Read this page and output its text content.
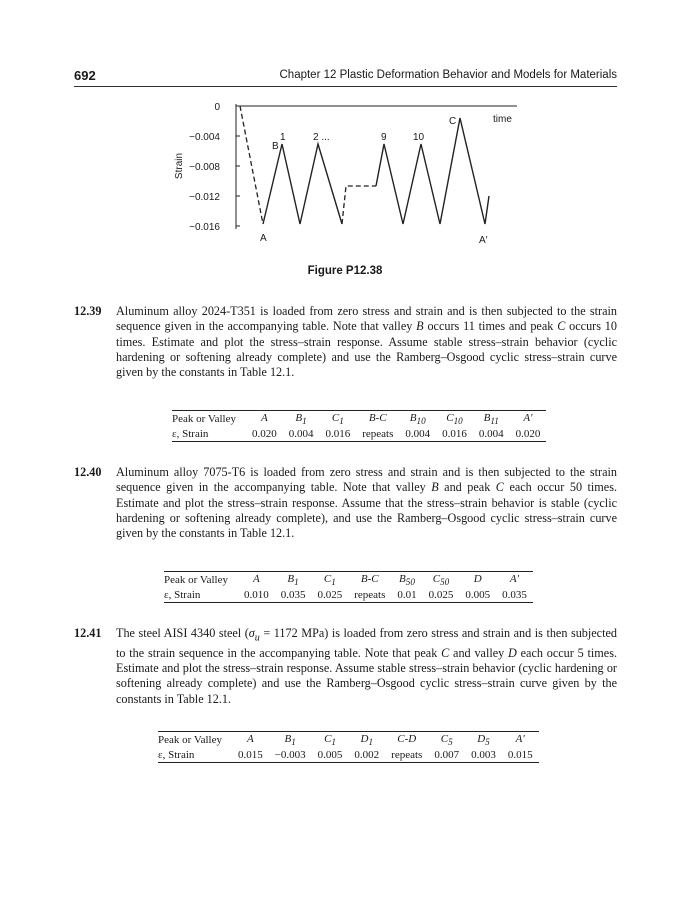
692	Chapter 12 Plastic Deformation Behavior and Models for Materials
0
−0.004
−0.008
−0.012
−0.016
Strain
time
A
B
1	2 ...	9	10
C
A′
Figure P12.38
12.39 Aluminum alloy 2024-T351 is loaded from zero stress and strain and is then subjected to the strain sequence given in the accompanying table. Note that valley B occurs 11 times and peak C occurs 10 times. Estimate and plot the stress–strain response. Assume stable stress–strain behavior (cyclic hardening or softening already complete) and use the Ramberg–Osgood cyclic stress–strain curve given by the constants in Table 12.1.
Peak or Valley	A	$B_1$	$C_1$	B-C	$B_{10}$	$C_{10}$	$B_{11}$	A′
ε, Strain	0.020	0.004	0.016	repeats	0.004	0.016	0.004	0.020
12.40 Aluminum alloy 7075-T6 is loaded from zero stress and strain and is then subjected to the strain sequence given in the accompanying table. Note that valley B and peak C each occur 50 times. Estimate and plot the stress–strain response. Assume that the stress–strain behavior is stable (cyclic hardening or softening already complete), and use the Ramberg–Osgood cyclic stress–strain curve given by the constants in Table 12.1.
Peak or Valley	A	$B_1$	$C_1$	B-C	$B_{50}$	$C_{50}$	D	A′
ε, Strain	0.010	0.035	0.025	repeats	0.01	0.025	0.005	0.035
12.41 The steel AISI 4340 steel ($\sigma_u = 1172$ MPa) is loaded from zero stress and strain and is then subjected to the strain sequence in the accompanying table. Note that peak C and valley D each occur 5 times. Estimate and plot the stress–strain response. Assume stable stress–strain behavior (cyclic hardening or softening already complete) and use the Ramberg–Osgood cyclic stress–strain curve given by the constants in Table 12.1.
Peak or Valley	A	$B_1$	$C_1$	$D_1$	C-D	$C_5$	$D_5$	A′
ε, Strain	0.015	−0.003	0.005	0.002	repeats	0.007	0.003	0.015
